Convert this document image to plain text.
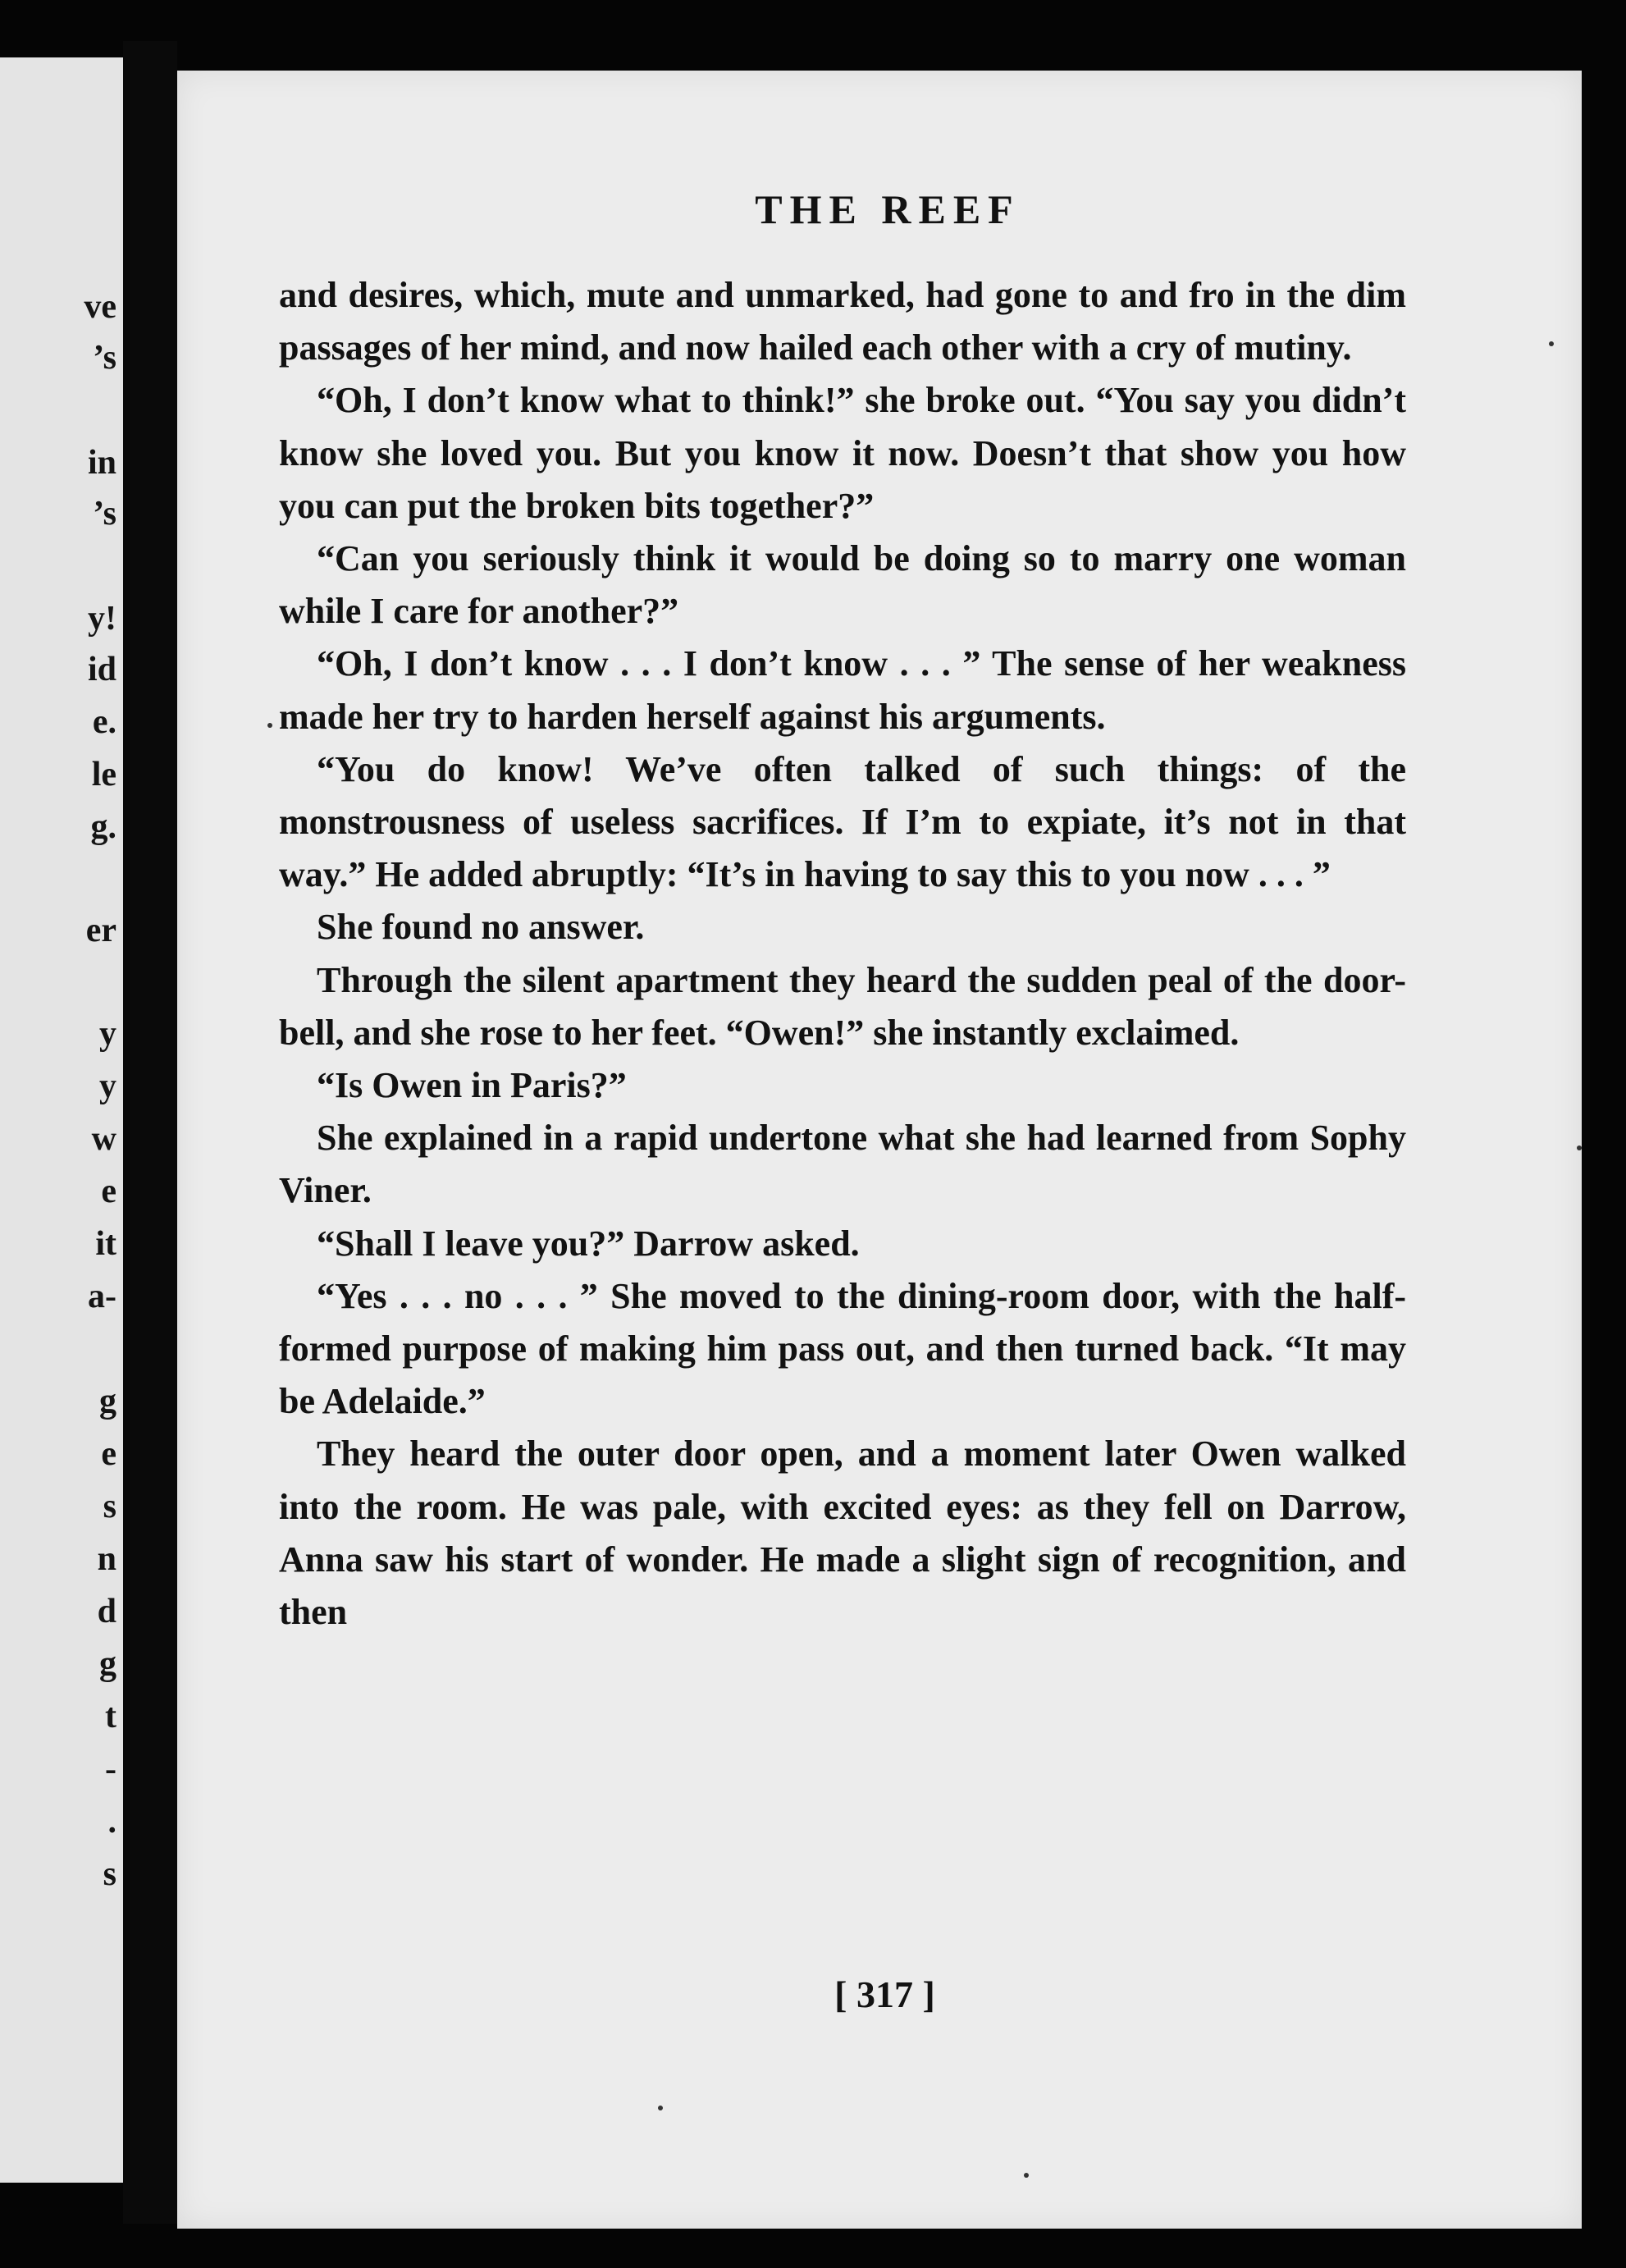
ve
’s
in
’s
y!
id
e.
le
g.
er
y
y
w
e
it
a-
g
e
s
n
d
g
t
-
.
s
THE REEF

and desires, which, mute and unmarked, had gone to and fro in the dim passages of her mind, and now hailed each other with a cry of mutiny.

“Oh, I don’t know what to think!” she broke out. “You say you didn’t know she loved you. But you know it now. Doesn’t that show you how you can put the broken bits together?”

“Can you seriously think it would be doing so to marry one woman while I care for another?”

“Oh, I don’t know . . . I don’t know . . . ” The sense of her weakness made her try to harden herself against his arguments.

“You do know! We’ve often talked of such things: of the monstrousness of useless sacrifices. If I’m to expiate, it’s not in that way.” He added abruptly: “It’s in having to say this to you now . . . ”

She found no answer.

Through the silent apartment they heard the sudden peal of the door-bell, and she rose to her feet. “Owen!” she instantly exclaimed.

“Is Owen in Paris?”

She explained in a rapid undertone what she had learned from Sophy Viner.

“Shall I leave you?” Darrow asked.

“Yes . . . no . . . ” She moved to the dining-room door, with the half-formed purpose of making him pass out, and then turned back. “It may be Adelaide.”

They heard the outer door open, and a moment later Owen walked into the room. He was pale, with excited eyes: as they fell on Darrow, Anna saw his start of wonder. He made a slight sign of recognition, and then

[ 317 ]
